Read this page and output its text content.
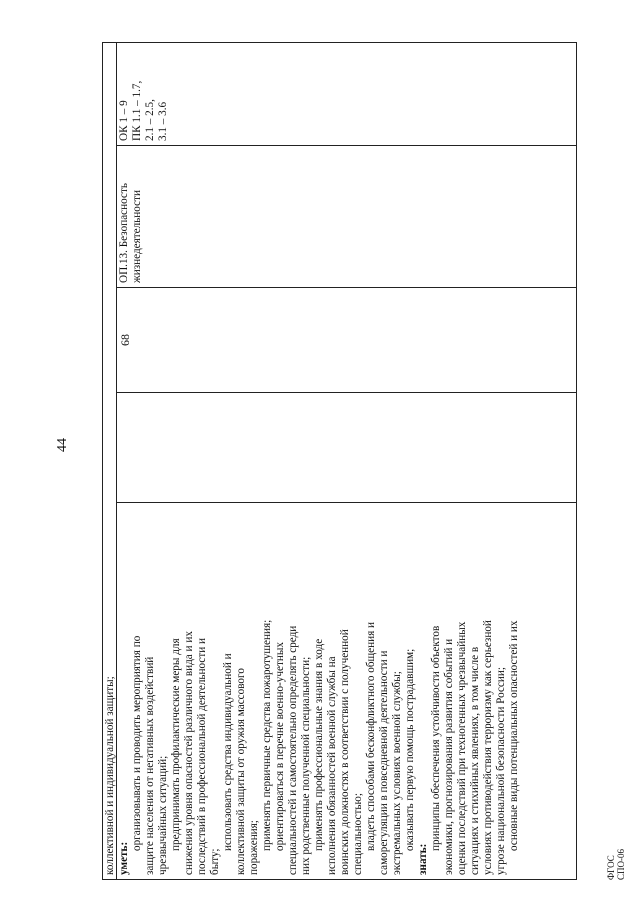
44
ФГОС СПО-06
коллективной и индивидуальной защиты; уметь:
организовывать и проводить мероприятия по защите населения от негативных воздействий чрезвычайных ситуаций; предпринимать профилактические меры для снижения уровня опасностей различного вида и их последствий в профессиональной деятельности и быту;
использовать средства индивидуальной и коллективной защиты от оружия массового поражения; применять первичные средства пожаротушения; ориентироваться в перечне военно-учетных специальностей и самостоятельно определять среди них родственные полученной специальности; применять профессиональные знания в ходе исполнения обязанностей военной службы на воинских должностях в соответствии с полученной специальностью; владеть способами бесконфликтного общения и саморегуляции в повседневной деятельности и экстремальных условиях военной службы; оказывать первую помощь пострадавшим;
знать:
принципы обеспечения устойчивости объектов экономики, прогнозирования развития событий и оценки последствий при техногенных чрезвычайных ситуациях и стихийных явлениях, в том числе в условиях противодействия терроризму как серьезной угрозе национальной безопасности России; основные виды потенциальных опасностей и их
68
ОП.13. Безопасность жизнедеятельности
ОК 1 – 9 ПК 1.1 – 1.7, 2.1 – 2.5, 3.1 – 3.6
